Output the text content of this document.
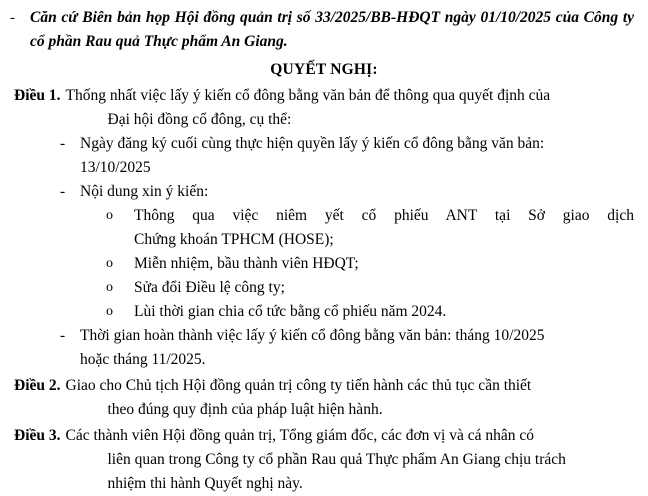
- Căn cứ Biên bản họp Hội đồng quản trị số 33/2025/BB-HĐQT ngày 01/10/2025 của Công ty cổ phần Rau quả Thực phẩm An Giang.
QUYẾT NGHỊ:
Điều 1. Thống nhất việc lấy ý kiến cổ đông bằng văn bản để thông qua quyết định của
Đại hội đồng cổ đông, cụ thể:
- Ngày đăng ký cuối cùng thực hiện quyền lấy ý kiến cổ đông bằng văn bản:
13/10/2025
- Nội dung xin ý kiến:
o	Thông qua việc niêm yết cổ phiếu ANT tại Sở giao dịch
Chứng khoán TPHCM (HOSE);
o	Miễn nhiệm, bầu thành viên HĐQT;
o	Sửa đổi Điều lệ công ty;
o	Lùi thời gian chia cổ tức bằng cổ phiếu năm 2024.
- Thời gian hoàn thành việc lấy ý kiến cổ đông bằng văn bản: tháng 10/2025
hoặc tháng 11/2025.
Điều 2. Giao cho Chủ tịch Hội đồng quản trị công ty tiến hành các thủ tục cần thiết
theo đúng quy định của pháp luật hiện hành.
Điều 3. Các thành viên Hội đồng quản trị, Tổng giám đốc, các đơn vị và cá nhân có
liên quan trong Công ty cổ phần Rau quả Thực phẩm An Giang chịu trách
nhiệm thi hành Quyết nghị này.
